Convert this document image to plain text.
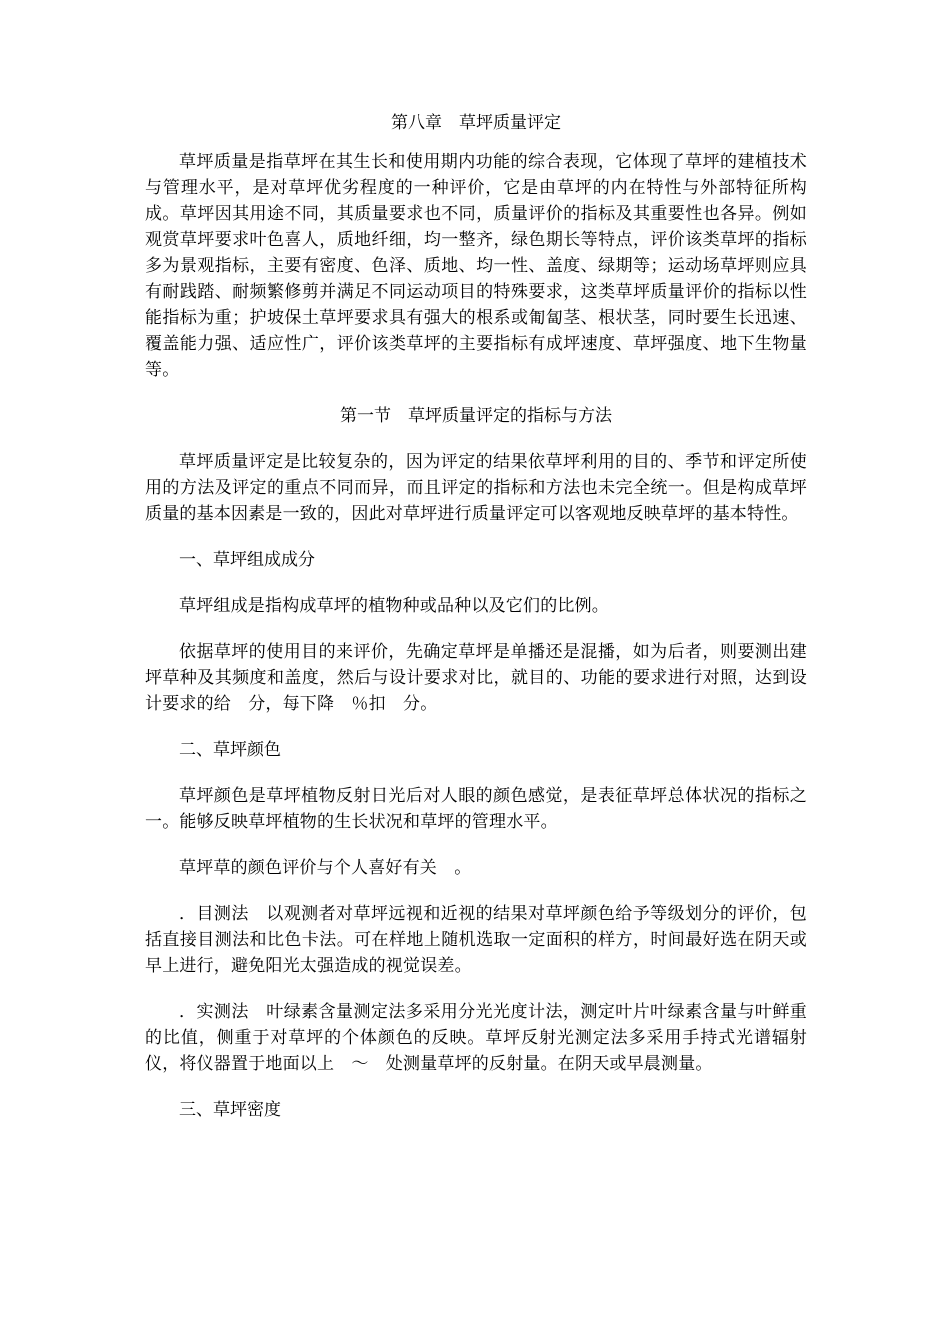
第八章　草坪质量评定

草坪质量是指草坪在其生长和使用期内功能的综合表现，它体现了草坪的建植技术与管理水平，是对草坪优劣程度的一种评价，它是由草坪的内在特性与外部特征所构成。草坪因其用途不同，其质量要求也不同，质量评价的指标及其重要性也各异。例如观赏草坪要求叶色喜人，质地纤细，均一整齐，绿色期长等特点，评价该类草坪的指标多为景观指标，主要有密度、色泽、质地、均一性、盖度、绿期等；运动场草坪则应具有耐践踏、耐频繁修剪并满足不同运动项目的特殊要求，这类草坪质量评价的指标以性能指标为重；护坡保土草坪要求具有强大的根系或匍匐茎、根状茎，同时要生长迅速、覆盖能力强、适应性广，评价该类草坪的主要指标有成坪速度、草坪强度、地下生物量等。

第一节　草坪质量评定的指标与方法

草坪质量评定是比较复杂的，因为评定的结果依草坪利用的目的、季节和评定所使用的方法及评定的重点不同而异，而且评定的指标和方法也未完全统一。但是构成草坪质量的基本因素是一致的，因此对草坪进行质量评定可以客观地反映草坪的基本特性。

一、草坪组成成分

草坪组成是指构成草坪的植物种或品种以及它们的比例。

依据草坪的使用目的来评价，先确定草坪是单播还是混播，如为后者，则要测出建坪草种及其频度和盖度，然后与设计要求对比，就目的、功能的要求进行对照，达到设计要求的给　分，每下降　％扣　分。

二、草坪颜色

草坪颜色是草坪植物反射日光后对人眼的颜色感觉，是表征草坪总体状况的指标之一。能够反映草坪植物的生长状况和草坪的管理水平。

草坪草的颜色评价与个人喜好有关　。

．目测法　以观测者对草坪远视和近视的结果对草坪颜色给予等级划分的评价，包括直接目测法和比色卡法。可在样地上随机选取一定面积的样方，时间最好选在阴天或早上进行，避免阳光太强造成的视觉误差。

．实测法　叶绿素含量测定法多采用分光光度计法，测定叶片叶绿素含量与叶鲜重的比值，侧重于对草坪的个体颜色的反映。草坪反射光测定法多采用手持式光谱辐射仪，将仪器置于地面以上　～　处测量草坪的反射量。在阴天或早晨测量。

三、草坪密度
